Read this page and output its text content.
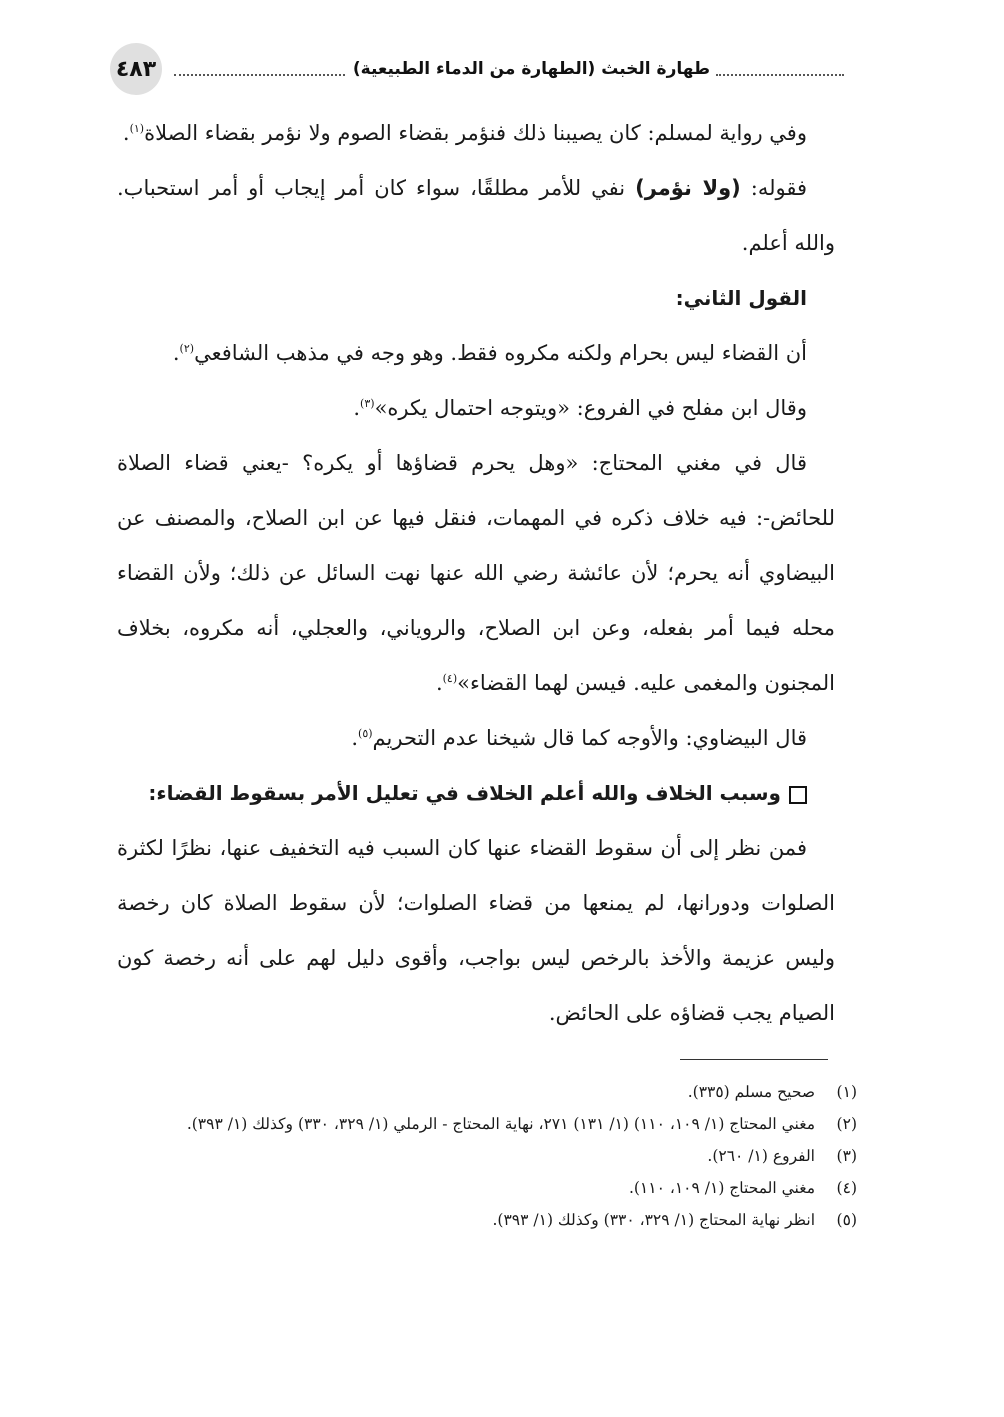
٤٨٣	طهارة الخبث (الطهارة من الدماء الطبيعية)

وفي رواية لمسلم: كان يصيبنا ذلك فنؤمر بقضاء الصوم ولا نؤمر بقضاء الصلاة$^{(١)}$.

فقوله: (ولا نؤمر) نفي للأمر مطلقًا، سواء كان أمر إيجاب أو أمر استحباب. والله أعلم.

القول الثاني:

أن القضاء ليس بحرام ولكنه مكروه فقط. وهو وجه في مذهب الشافعي$^{(٢)}$.

وقال ابن مفلح في الفروع: «ويتوجه احتمال يكره»$^{(٣)}$.

قال في مغني المحتاج: «وهل يحرم قضاؤها أو يكره؟ -يعني قضاء الصلاة للحائض-: فيه خلاف ذكره في المهمات، فنقل فيها عن ابن الصلاح، والمصنف عن البيضاوي أنه يحرم؛ لأن عائشة رضي الله عنها نهت السائل عن ذلك؛ ولأن القضاء محله فيما أمر بفعله، وعن ابن الصلاح، والروياني، والعجلي، أنه مكروه، بخلاف المجنون والمغمى عليه. فيسن لهما القضاء»$^{(٤)}$.

قال البيضاوي: والأوجه كما قال شيخنا عدم التحريم$^{(٥)}$.

وسبب الخلاف والله أعلم الخلاف في تعليل الأمر بسقوط القضاء:

فمن نظر إلى أن سقوط القضاء عنها كان السبب فيه التخفيف عنها، نظرًا لكثرة الصلوات ودورانها، لم يمنعها من قضاء الصلوات؛ لأن سقوط الصلاة كان رخصة وليس عزيمة والأخذ بالرخص ليس بواجب، وأقوى دليل لهم على أنه رخصة كون الصيام يجب قضاؤه على الحائض.

(١)
صحيح مسلم (٣٣٥).
(٢)
مغني المحتاج (١/ ١٠٩، ١١٠) (١/ ١٣١) ٢٧١، نهاية المحتاج - الرملي (١/ ٣٢٩، ٣٣٠) وكذلك (١/ ٣٩٣).
(٣)
الفروع (١/ ٢٦٠).
(٤)
مغني المحتاج (١/ ١٠٩، ١١٠).
(٥)
انظر نهاية المحتاج (١/ ٣٢٩، ٣٣٠) وكذلك (١/ ٣٩٣).
